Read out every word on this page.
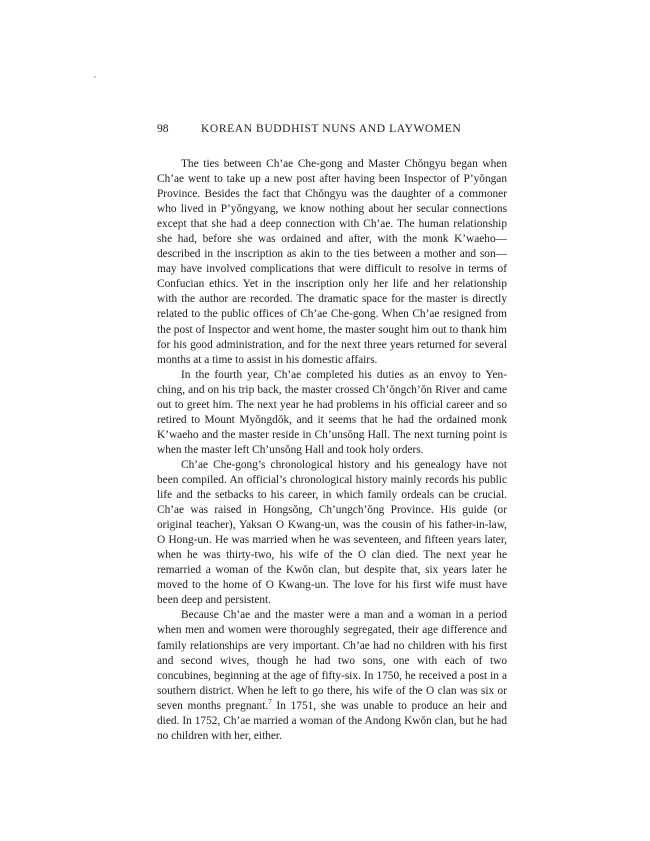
98	KOREAN BUDDHIST NUNS AND LAYWOMEN

The ties between Ch’ae Che-gong and Master Chŏngyu began when Ch’ae went to take up a new post after having been Inspector of P’yŏngan Province. Besides the fact that Chŏngyu was the daughter of a commoner who lived in P’yŏngyang, we know nothing about her secular connections except that she had a deep connection with Ch’ae. The human relationship she had, before she was ordained and after, with the monk K’waeho—described in the inscription as akin to the ties between a mother and son—may have involved complications that were difficult to resolve in terms of Confucian ethics. Yet in the inscription only her life and her relationship with the author are recorded. The dramatic space for the master is directly related to the public offices of Ch’ae Che-gong. When Ch’ae resigned from the post of Inspector and went home, the master sought him out to thank him for his good administration, and for the next three years returned for several months at a time to assist in his domestic affairs.

In the fourth year, Ch’ae completed his duties as an envoy to Yen-ching, and on his trip back, the master crossed Ch’ŏngch’ŏn River and came out to greet him. The next year he had problems in his official career and so retired to Mount Myŏngdŏk, and it seems that he had the ordained monk K’waeho and the master reside in Ch’unsŏng Hall. The next turning point is when the master left Ch’unsŏng Hall and took holy orders.

Ch’ae Che-gong’s chronological history and his genealogy have not been compiled. An official’s chronological history mainly records his public life and the setbacks to his career, in which family ordeals can be crucial. Ch’ae was raised in Hongsŏng, Ch’ungch’ŏng Province. His guide (or original teacher), Yaksan O Kwang-un, was the cousin of his father-in-law, O Hong-un. He was married when he was seventeen, and fifteen years later, when he was thirty-two, his wife of the O clan died. The next year he remarried a woman of the Kwŏn clan, but despite that, six years later he moved to the home of O Kwang-un. The love for his first wife must have been deep and persistent.

Because Ch’ae and the master were a man and a woman in a period when men and women were thoroughly segregated, their age difference and family relationships are very important. Ch’ae had no children with his first and second wives, though he had two sons, one with each of two concubines, beginning at the age of fifty-six. In 1750, he received a post in a southern district. When he left to go there, his wife of the O clan was six or seven months pregnant.$^7$ In 1751, she was unable to produce an heir and died. In 1752, Ch’ae married a woman of the Andong Kwŏn clan, but he had no children with her, either.
